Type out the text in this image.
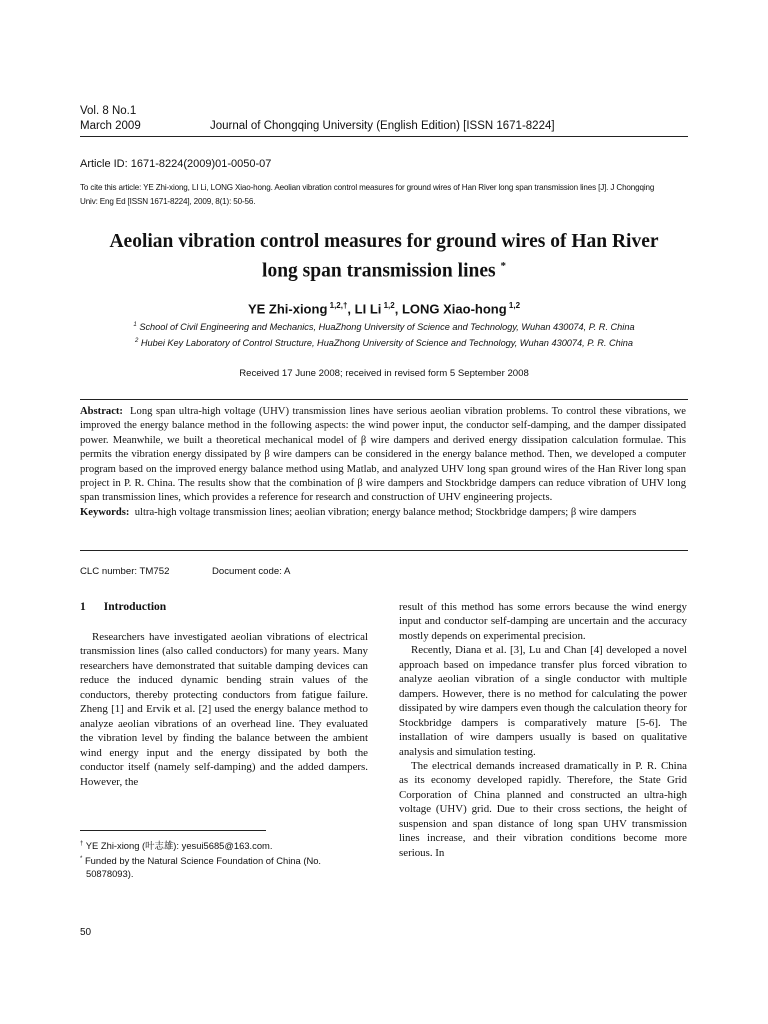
Vol. 8 No.1
March 2009	Journal of Chongqing University (English Edition) [ISSN 1671-8224]
Article ID: 1671-8224(2009)01-0050-07
To cite this article: YE Zhi-xiong, LI Li, LONG Xiao-hong. Aeolian vibration control measures for ground wires of Han River long span transmission lines [J]. J Chongqing
Univ: Eng Ed [ISSN 1671-8224], 2009, 8(1): 50-56.
Aeolian vibration control measures for ground wires of Han River
long span transmission lines *
YE Zhi-xiong $^{1,2,\dagger}$, LI Li $^{1,2}$, LONG Xiao-hong $^{1,2}$
$^1$ School of Civil Engineering and Mechanics, HuaZhong University of Science and Technology, Wuhan 430074, P. R. China
$^2$ Hubei Key Laboratory of Control Structure, HuaZhong University of Science and Technology, Wuhan 430074, P. R. China
Received 17 June 2008; received in revised form 5 September 2008

Abstract: Long span ultra-high voltage (UHV) transmission lines have serious aeolian vibration problems. To control these vibrations, we improved the energy balance method in the following aspects: the wind power input, the conductor self-damping, and the damper dissipated power. Meanwhile, we built a theoretical mechanical model of β wire dampers and derived energy dissipation calculation formulae. This permits the vibration energy dissipated by β wire dampers can be considered in the energy balance method. Then, we developed a computer program based on the improved energy balance method using Matlab, and analyzed UHV long span ground wires of the Han River long span project in P. R. China. The results show that the combination of β wire dampers and Stockbridge dampers can reduce vibration of UHV long span transmission lines, which provides a reference for research and construction of UHV engineering projects.

Keywords: ultra-high voltage transmission lines; aeolian vibration; energy balance method; Stockbridge dampers; β wire dampers

CLC number: TM752	Document code: A
1 Introduction

Researchers have investigated aeolian vibrations of electrical transmission lines (also called conductors) for many years. Many researchers have demonstrated that suitable damping devices can reduce the induced dynamic bending strain values of the conductors, thereby protecting conductors from fatigue failure. Zheng [1] and Ervik et al. [2] used the energy balance method to analyze aeolian vibrations of an overhead line. They evaluated the vibration level by finding the balance between the ambient wind energy input and the energy dissipated by both the conductor itself (namely self-damping) and the added dampers. However, the

result of this method has some errors because the wind energy input and conductor self-damping are uncertain and the accuracy mostly depends on experimental precision.

Recently, Diana et al. [3], Lu and Chan [4] developed a novel approach based on impedance transfer plus forced vibration to analyze aeolian vibration of a single conductor with multiple dampers. However, there is no method for calculating the power dissipated by wire dampers even though the calculation theory for Stockbridge dampers is comparatively mature [5-6]. The installation of wire dampers usually is based on qualitative analysis and simulation testing.

The electrical demands increased dramatically in P. R. China as its economy developed rapidly. Therefore, the State Grid Corporation of China planned and constructed an ultra-high voltage (UHV) grid. Due to their cross sections, the height of suspension and span distance of long span UHV transmission lines increase, and their vibration conditions become more serious. In

† YE Zhi-xiong (叶志雄): yesui5685@163.com.
* Funded by the Natural Science Foundation of China (No.
50878093).
50
